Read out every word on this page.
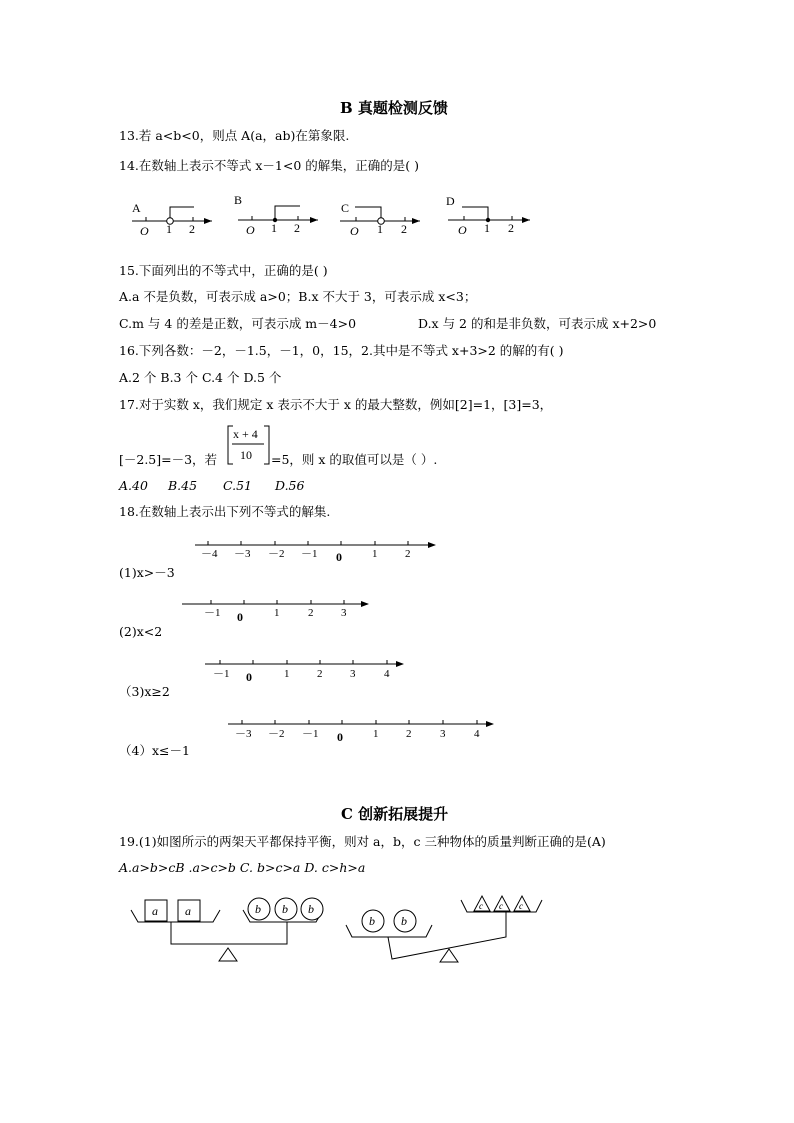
B 真题检测反馈
13.若 a<b<0，则点 A(a，ab)在第象限.
14.在数轴上表示不等式 x－1<0 的解集，正确的是( )
A
O 1 2
B
O 1 2
C
O 1 2
D
O 1 2
15.下面列出的不等式中，正确的是( )
A.a 不是负数，可表示成 a>0；B.x 不大于 3，可表示成 x<3；
C.m 与 4 的差是正数，可表示成 m－4>0	D.x 与 2 的和是非负数，可表示成 x+2>0
16.下列各数：－2，－1.5，－1，0，15，2.其中是不等式 x+3>2 的解的有( )
A.2 个 B.3 个 C.4 个 D.5 个
17.对于实数 x，我们规定 x 表示不大于 x 的最大整数，例如[2]=1，[3]=3，
[－2.5]=－3，若
x + 4
10 =5，则 x 的取值可以是（ ）.
A.40 B.45 C.51 D.56
18.在数轴上表示出下列不等式的解集.
－4 －3 －2 －1 0	1	2
－1 0	1	2	3
－1 0	1	2	3	4
－3 －2 －1 0	1	2	3	4
(1)x>－3
(2)x<2
（3)x≥2
（4）x≤－1
C 创新拓展提升
19.(1)如图所示的两架天平都保持平衡，则对 a，b，c 三种物体的质量判断正确的是(A)
A.a>b>cB .a>c>b C. b>c>a D. c>h>a
a a	b b b
b b
c c c
